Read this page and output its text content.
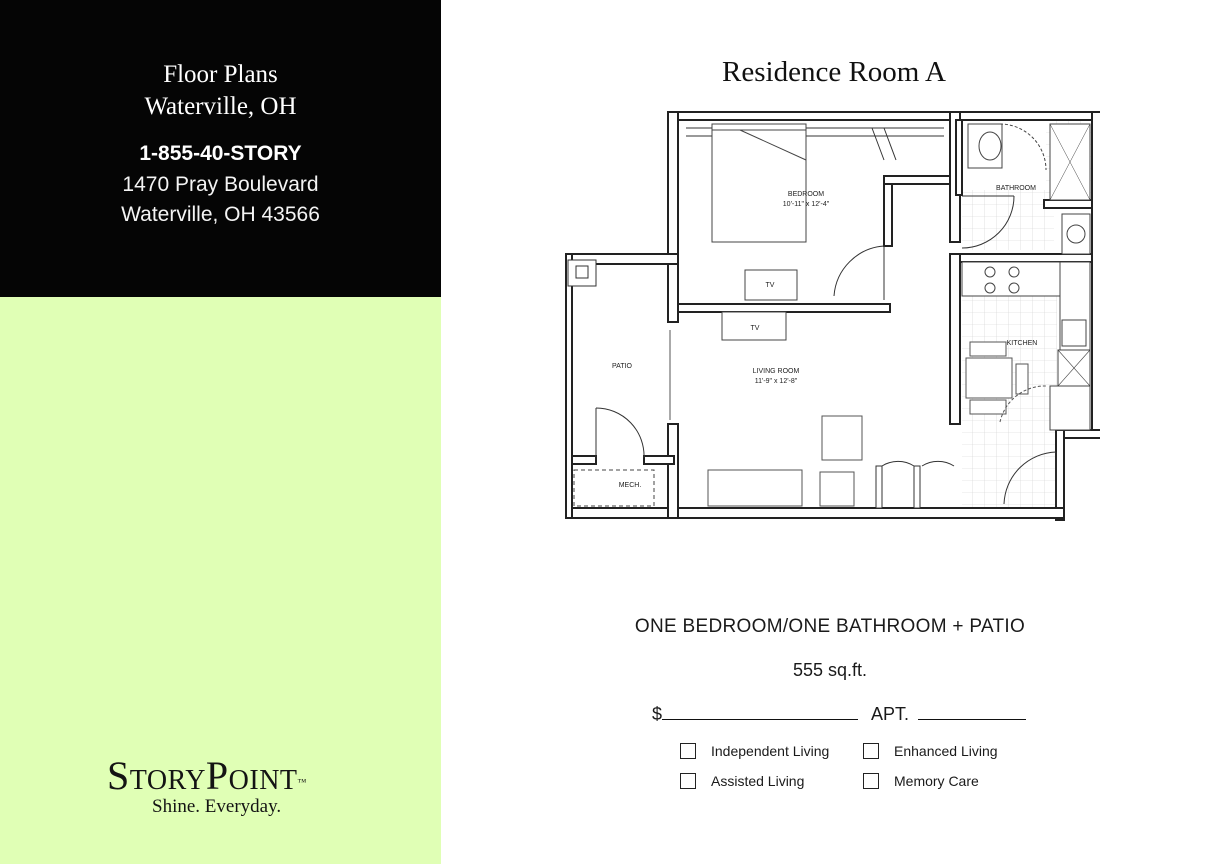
Floor Plans
Waterville, OH
1-855-40-STORY
1470 Pray Boulevard
Waterville, OH 43566
StoryPoint™
Shine. Everyday.
Residence Room A
BEDROOM
10'-11" x 12'-4"
TV
TV
LIVING ROOM
11'-9" x 12'-8"
PATIO
MECH.
BATHROOM
KITCHEN
ONE BEDROOM/ONE BATHROOM + PATIO
555 sq.ft.
$	APT.
Independent Living	Enhanced Living
Assisted Living	Memory Care
